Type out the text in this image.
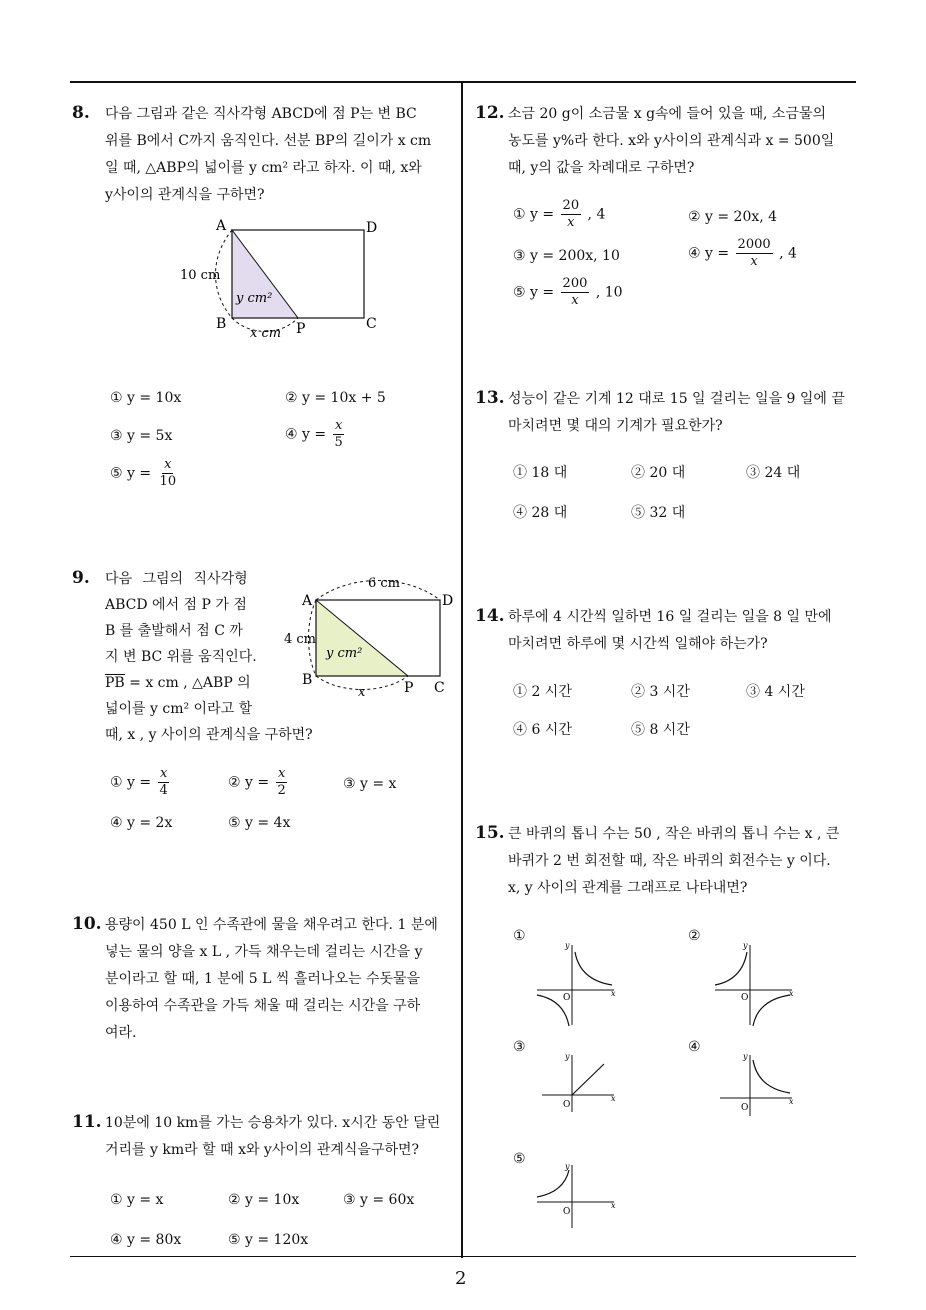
8. 다음 그림과 같은 직사각형 ABCD에 점 P는 변 BC
위를 B에서 C까지 움직인다. 선분 BP의 길이가 x cm
일 때, △ABP의 넓이를 y cm² 라고 하자. 이 때, x와
y사이의 관계식을 구하면?
A	D
B	C
P
10 cm
x cm
y cm²
① y = 10x	② y = 10x + 5
③ y = 5x	④ $y = \frac{x}{5}$
⑤ $y = \frac{x}{10}$
9. 다음 그림의 직사각형
ABCD 에서 점 P 가 점
B 를 출발해서 점 C 까
지 변 BC 위를 움직인다.
PB = x cm , △ABP 의
넓이를 y cm² 이라고 할
때, x , y 사이의 관계식을 구하면?
A	D
B	C
P
6 cm
4 cm
x
y cm²
① $y = \frac{x}{4}$	② $y = \frac{x}{2}$	③ y = x
④ y = 2x	⑤ y = 4x
10. 용량이 450 L 인 수족관에 물을 채우려고 한다. 1 분에
넣는 물의 양을 x L , 가득 채우는데 걸리는 시간을 y
분이라고 할 때, 1 분에 5 L 씩 흘러나오는 수돗물을
이용하여 수족관을 가득 채울 때 걸리는 시간을 구하
여라.
11. 10분에 10 km를 가는 승용차가 있다. x시간 동안 달린
거리를 y km라 할 때 x와 y사이의 관계식을구하면?
① y = x	② y = 10x	③ y = 60x
④ y = 80x	⑤ y = 120x
12. 소금 20 g이 소금물 x g속에 들어 있을 때, 소금물의
농도를 y%라 한다. x와 y사이의 관계식과 x = 500일
때, y의 값을 차례대로 구하면?
① $y = \frac{20}{x}$ , 4	② y = 20x, 4
③ y = 200x, 10	④ $y = \frac{2000}{x}$ , 4
⑤ $y = \frac{200}{x}$ , 10
13. 성능이 같은 기계 12 대로 15 일 걸리는 일을 9 일에 끝
마치려면 몇 대의 기계가 필요한가?
① 18 대	② 20 대	③ 24 대
④ 28 대	⑤ 32 대
14. 하루에 4 시간씩 일하면 16 일 걸리는 일을 8 일 만에
마치려면 하루에 몇 시간씩 일해야 하는가?
① 2 시간	② 3 시간	③ 4 시간
④ 6 시간	⑤ 8 시간
15. 큰 바퀴의 톱니 수는 50 , 작은 바퀴의 톱니 수는 x , 큰
바퀴가 2 번 회전할 때, 작은 바퀴의 회전수는 y 이다.
x, y 사이의 관계를 그래프로 나타내면?
①	②
③	④
⑤
y
x
O
y
x
O
y
x
O
y
x
O
y
x
O
2
